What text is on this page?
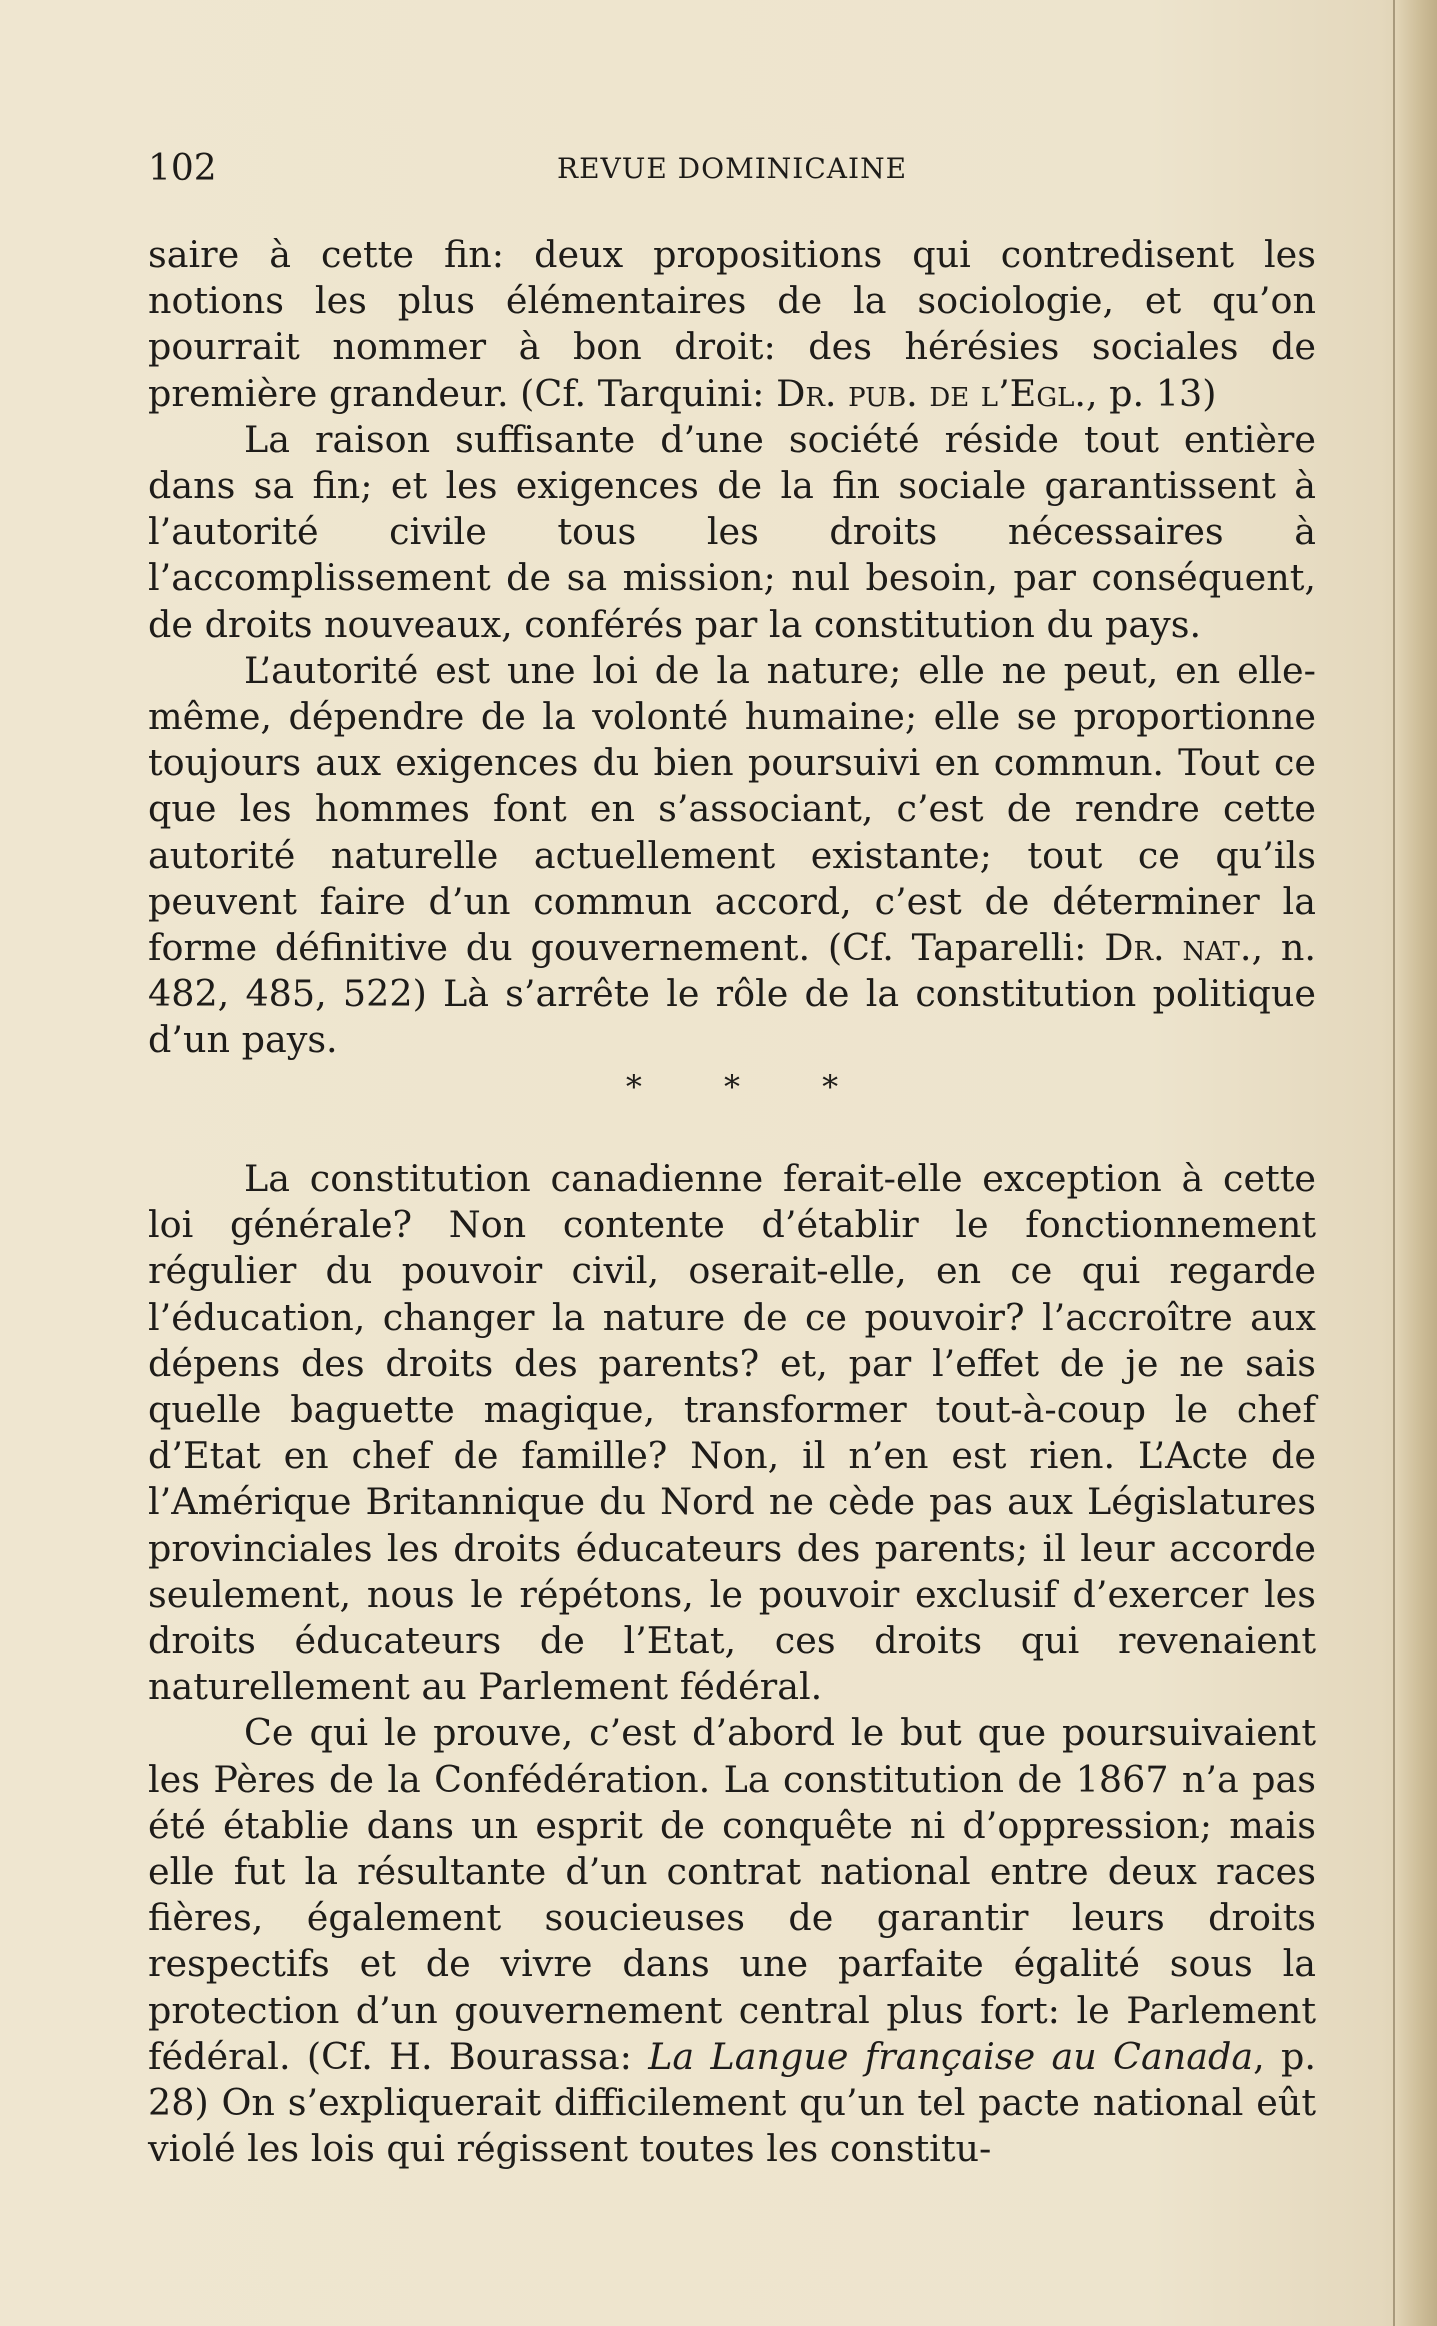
102	REVUE DOMINICAINE

saire à cette fin: deux propositions qui contredisent les notions les plus élémentaires de la sociologie, et qu’on pourrait nommer à bon droit: des hérésies sociales de première grandeur. (Cf. Tarquini: Dr. pub. de l’Egl., p. 13)

La raison suffisante d’une société réside tout entière dans sa fin; et les exigences de la fin sociale garantissent à l’autorité civile tous les droits nécessaires à l’accomplissement de sa mission; nul besoin, par conséquent, de droits nouveaux, conférés par la constitution du pays.

L’autorité est une loi de la nature; elle ne peut, en elle-même, dépendre de la volonté humaine; elle se proportionne toujours aux exigences du bien poursuivi en commun. Tout ce que les hommes font en s’associant, c’est de rendre cette autorité naturelle actuellement existante; tout ce qu’ils peuvent faire d’un commun accord, c’est de déterminer la forme définitive du gouvernement. (Cf. Taparelli: Dr. nat., n. 482, 485, 522) Là s’arrête le rôle de la constitution politique d’un pays.

* * *

La constitution canadienne ferait-elle exception à cette loi générale? Non contente d’établir le fonctionnement régulier du pouvoir civil, oserait-elle, en ce qui regarde l’éducation, changer la nature de ce pouvoir? l’accroître aux dépens des droits des parents? et, par l’effet de je ne sais quelle baguette magique, transformer tout-à-coup le chef d’Etat en chef de famille? Non, il n’en est rien. L’Acte de l’Amérique Britannique du Nord ne cède pas aux Législatures provinciales les droits éducateurs des parents; il leur accorde seulement, nous le répétons, le pouvoir exclusif d’exercer les droits éducateurs de l’Etat, ces droits qui revenaient naturellement au Parlement fédéral.

Ce qui le prouve, c’est d’abord le but que poursuivaient les Pères de la Confédération. La constitution de 1867 n’a pas été établie dans un esprit de conquête ni d’oppression; mais elle fut la résultante d’un contrat national entre deux races fières, également soucieuses de garantir leurs droits respectifs et de vivre dans une parfaite égalité sous la protection d’un gouvernement central plus fort: le Parlement fédéral. (Cf. H. Bourassa: La Langue française au Canada, p. 28) On s’expliquerait difficilement qu’un tel pacte national eût violé les lois qui régissent toutes les constitu-
